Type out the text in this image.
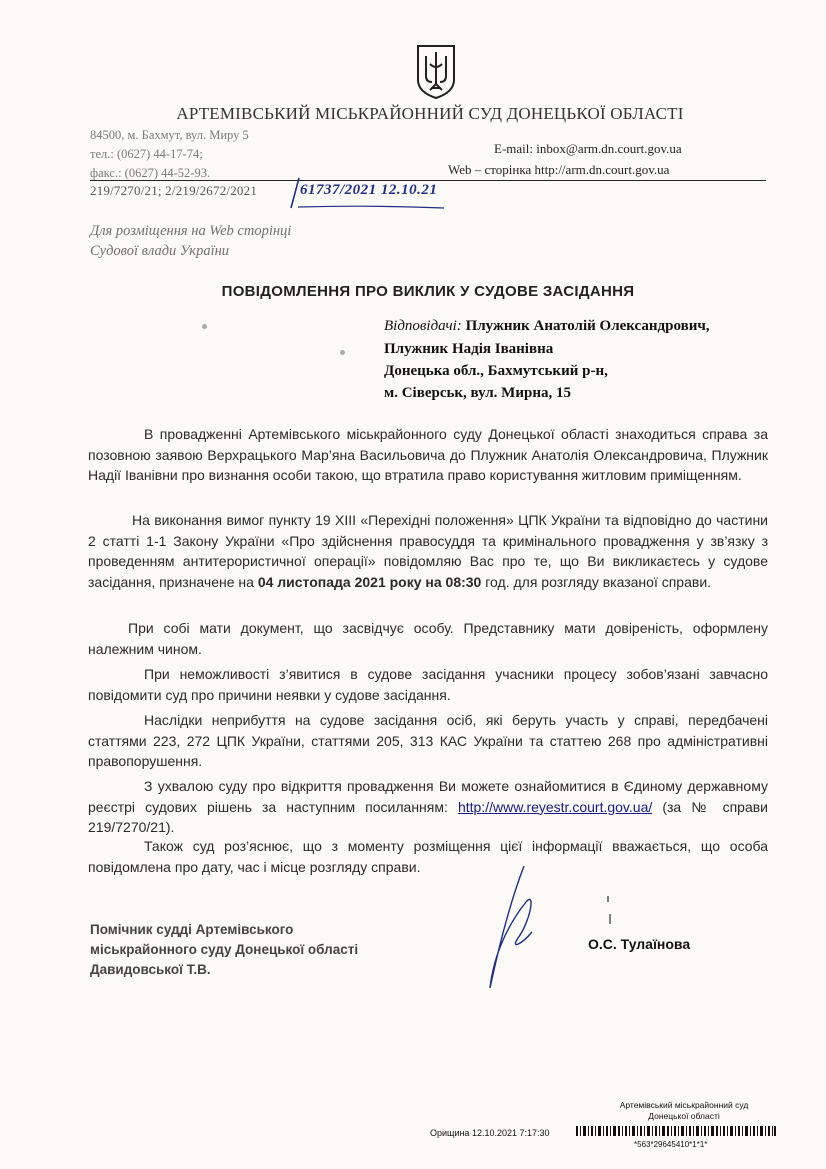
АРТЕМІВСЬКИЙ МІСЬКРАЙОННИЙ СУД ДОНЕЦЬКОЇ ОБЛАСТІ
84500, м. Бахмут, вул. Миру 5
тел.: (0627) 44-17-74;
факс.: (0627) 44-52-93.
E-mail: inbox@arm.dn.court.gov.ua
Web – сторінка http://arm.dn.court.gov.ua
219/7270/21; 2/219/2672/2021	61737/2021 12.10.21
Для розміщення на Web сторінці
Судової влади України
ПОВІДОМЛЕННЯ ПРО ВИКЛИК У СУДОВЕ ЗАСІДАННЯ
Відповідачі: Плужник Анатолій Олександрович,
Плужник Надія Іванівна
Донецька обл., Бахмутський р-н,
м. Сіверськ, вул. Мирна, 15
В провадженні Артемівського міськрайонного суду Донецької області знаходиться справа за позовною заявою Верхрацького Мар’яна Васильовича до Плужник Анатолія Олександровича, Плужник Надії Іванівни про визнання особи такою, що втратила право користування житловим приміщенням.
На виконання вимог пункту 19 XIII «Перехідні положення» ЦПК України та відповідно до частини 2 статті 1-1 Закону України «Про здійснення правосуддя та кримінального провадження у зв’язку з проведенням антитерористичної операції» повідомляю Вас про те, що Ви викликаєтесь у судове засідання, призначене на 04 листопада 2021 року на 08:30 год. для розгляду вказаної справи.
При собі мати документ, що засвідчує особу. Представнику мати довіреність, оформлену належним чином.
При неможливості з’явитися в судове засідання учасники процесу зобов’язані завчасно повідомити суд про причини неявки у судове засідання.
Наслідки неприбуття на судове засідання осіб, які беруть участь у справі, передбачені статтями 223, 272 ЦПК України, статтями 205, 313 КАС України та статтею 268 про адміністративні правопорушення.
З ухвалою суду про відкриття провадження Ви можете ознайомитися в Єдиному державному реєстрі судових рішень за наступним посиланням: http://www.reyestr.court.gov.ua/ (за № справи 219/7270/21).
Також суд роз’яснює, що з моменту розміщення цієї інформації вважається, що особа повідомлена про дату, час і місце розгляду справи.
Помічник судді Артемівського
міськрайонного суду Донецької області
Давидовської Т.В.
О.С. Тулаїнова
Артемівський міськрайонний суд
Донецької області
Орищина 12.10.2021 7:17:30
*563*29645410*1*1*
